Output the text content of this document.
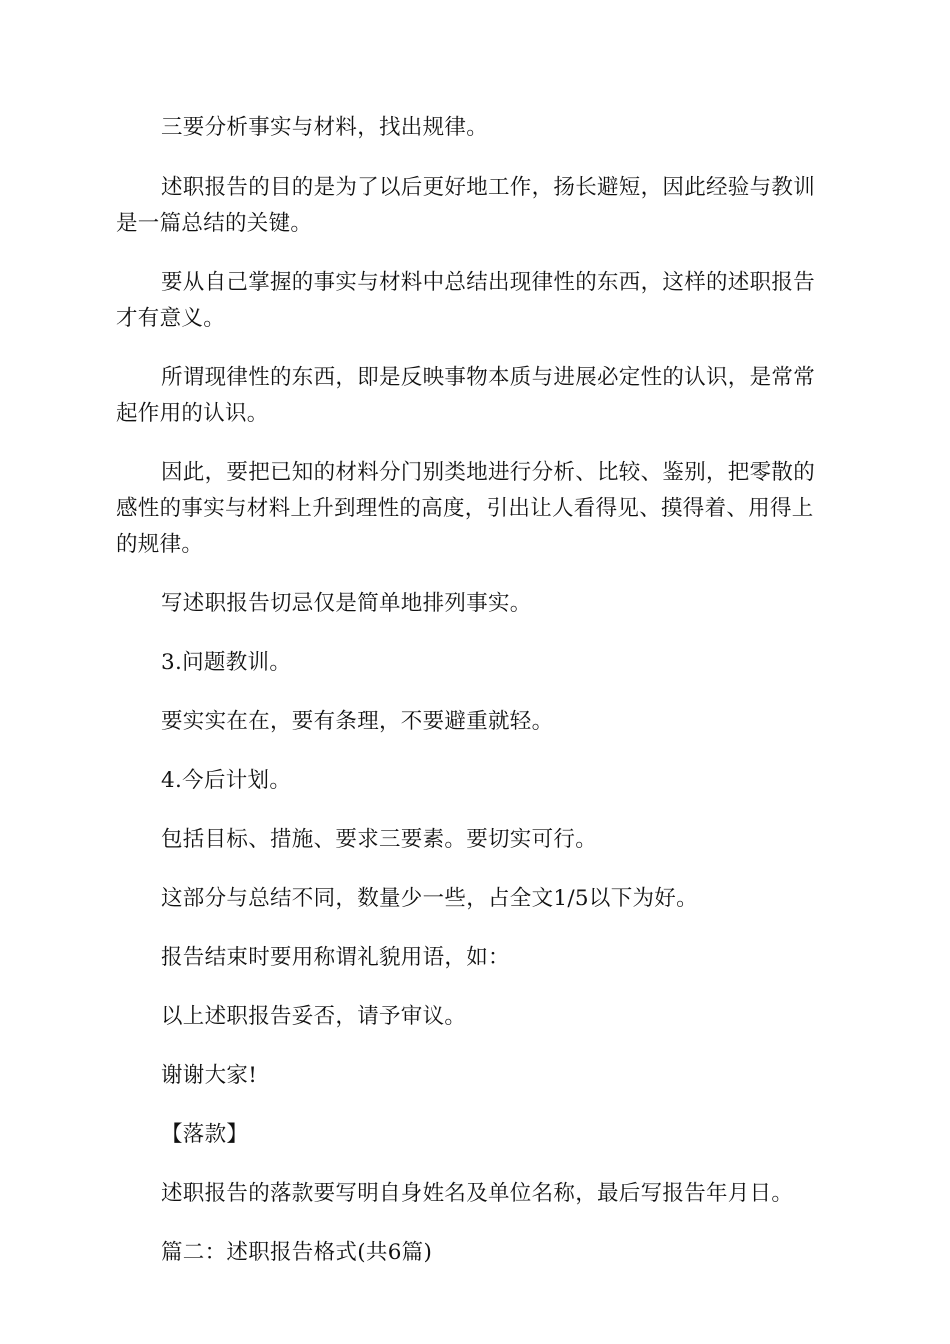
三要分析事实与材料，找出规律。

述职报告的目的是为了以后更好地工作，扬长避短，因此经验与教训是一篇总结的关键。

要从自己掌握的事实与材料中总结出现律性的东西，这样的述职报告才有意义。

所谓现律性的东西，即是反映事物本质与进展必定性的认识，是常常起作用的认识。

因此，要把已知的材料分门别类地进行分析、比较、鉴别，把零散的感性的事实与材料上升到理性的高度，引出让人看得见、摸得着、用得上的规律。

写述职报告切忌仅是简单地排列事实。

3.问题教训。

要实实在在，要有条理，不要避重就轻。

4.今后计划。

包括目标、措施、要求三要素。要切实可行。

这部分与总结不同，数量少一些，占全文1/5以下为好。

报告结束时要用称谓礼貌用语，如：

以上述职报告妥否，请予审议。

谢谢大家!

【落款】

述职报告的落款要写明自身姓名及单位名称，最后写报告年月日。

篇二：述职报告格式(共6篇)
